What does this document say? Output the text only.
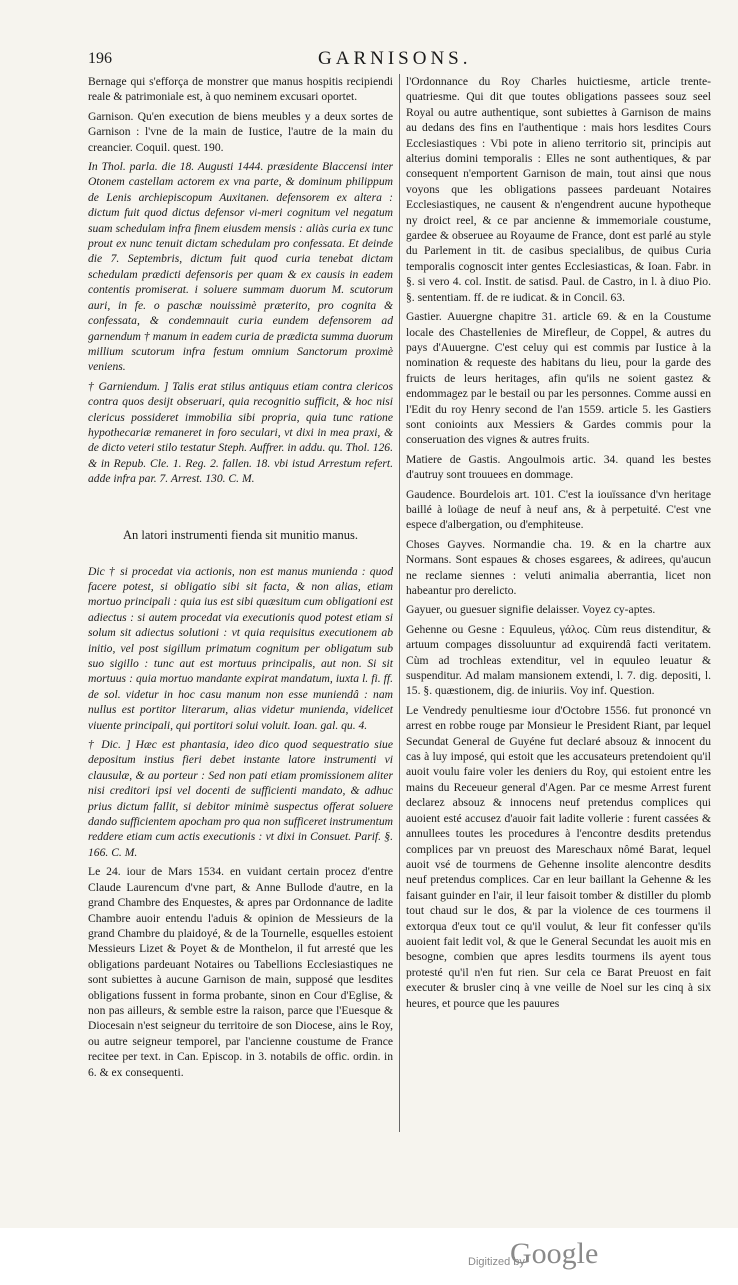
196	GARNISONS.

Bernage qui s'efforça de monstrer que manus hospitis recipiendi reale & patrimoniale est, à quo neminem excusari oportet.

Garnison. Qu'en execution de biens meubles y a deux sortes de Garnison : l'vne de la main de Iustice, l'autre de la main du creancier. Coquil. quest. 190.

In Thol. parla. die 18. Augusti 1444. præsidente Blaccensi inter Otonem castellam actorem ex vna parte, & dominum philippum de Lenis archiepiscopum Auxitanen. defensorem ex altera : dictum fuit quod dictus defensor vi-meri cognitum vel negatum suam schedulam infra finem eiusdem mensis : aliàs curia ex tunc prout ex nunc tenuit dictam schedulam pro confessata. Et deinde die 7. Septembris, dictum fuit quod curia tenebat dictam schedulam prædicti defensoris per quam & ex causis in eadem contentis promiserat. i soluere summam duorum M. scutorum auri, in fe. o paschæ nouissimè præterito, pro cognita & confessata, & condemnauit curia eundem defensorem ad garnendum † manum in eadem curia de prædicta summa duorum millium scutorum infra festum omnium Sanctorum proximè veniens.

† Garniendum. ] Talis erat stilus antiquus etiam contra clericos contra quos desijt obseruari, quia recognitio sufficit, & hoc nisi clericus possideret immobilia sibi propria, quia tunc ratione hypothecariæ remaneret in foro seculari, vt dixi in mea praxi, & de dicto veteri stilo testatur Steph. Auffrer. in addu. qu. Thol. 126. & in Repub. Cle. 1. Reg. 2. fallen. 18. vbi istud Arrestum refert. adde infra par. 7. Arrest. 130. C. M.

An latori instrumenti fienda sit munitio manus.

Dic † si procedat via actionis, non est manus munienda : quod facere potest, si obligatio sibi sit facta, & non alias, etiam mortuo principali : quia ius est sibi quæsitum cum obligationi est adiectus : si autem procedat via executionis quod potest etiam si solum sit adiectus solutioni : vt quia requisitus executionem ab initio, vel post sigillum primatum cognitum per obligatum sub suo sigillo : tunc aut est mortuus principalis, aut non. Si sit mortuus : quia mortuo mandante expirat mandatum, iuxta l. fi. ff. de sol. videtur in hoc casu manum non esse muniendâ : nam nullus est portitor literarum, alias videtur munienda, videlicet viuente principali, qui portitori solui voluit. Ioan. gal. qu. 4.

† Dic. ] Hæc est phantasia, ideo dico quod sequestratio siue depositum instius fieri debet instante latore instrumenti vi clausulæ, & au porteur : Sed non pati etiam promissionem aliter nisi creditori ipsi vel docenti de sufficienti mandato, & adhuc prius dictum fallit, si debitor minimè suspectus offerat soluere dando sufficientem apocham pro qua non sufficeret instrumentum reddere etiam cum actis executionis : vt dixi in Consuet. Parif. §. 166. C. M.

Le 24. iour de Mars 1534. en vuidant certain procez d'entre Claude Laurencum d'vne part, & Anne Bullode d'autre, en la grand Chambre des Enquestes, & apres par Ordonnance de ladite Chambre auoir entendu l'aduis & opinion de Messieurs de la grand Chambre du plaidoyé, & de la Tournelle, esquelles estoient Messieurs Lizet & Poyet & de Monthelon, il fut arresté que les obligations pardeuant Notaires ou Tabellions Ecclesiastiques ne sont subiettes à aucune Garnison de main, supposé que lesdites obligations fussent in forma probante, sinon en Cour d'Eglise, & non pas ailleurs, & semble estre la raison, parce que l'Euesque & Diocesain n'est seigneur du territoire de son Diocese, ains le Roy, ou autre seigneur temporel, par l'ancienne coustume de France recitee per text. in Can. Episcop. in 3. notabils de offic. ordin. in 6. & ex consequenti.

l'Ordonnance du Roy Charles huictiesme, article trente-quatriesme. Qui dit que toutes obligations passees souz seel Royal ou autre authentique, sont subiettes à Garnison de mains au dedans des fins en l'authentique : mais hors lesdites Cours Ecclesiastiques : Vbi pote in alieno territorio sit, principis aut alterius domini temporalis : Elles ne sont authentiques, & par consequent n'emportent Garnison de main, tout ainsi que nous voyons que les obligations passees pardeuant Notaires Ecclesiastiques, ne causent & n'engendrent aucune hypotheque ny droict reel, & ce par ancienne & immemoriale coustume, gardee & obseruee au Royaume de France, dont est parlé au style du Parlement in tit. de casibus specialibus, de quibus Curia temporalis cognoscit inter gentes Ecclesiasticas, & Ioan. Fabr. in §. si vero 4. col. Instit. de satisd. Paul. de Castro, in l. à diuo Pio. §. sententiam. ff. de re iudicat. & in Concil. 63.

Gastier. Auuergne chapitre 31. article 69. & en la Coustume locale des Chastellenies de Mirefleur, de Coppel, & autres du pays d'Auuergne. C'est celuy qui est commis par Iustice à la nomination & requeste des habitans du lieu, pour la garde des fruicts de leurs heritages, afin qu'ils ne soient gastez & endommagez par le bestail ou par les personnes. Comme aussi en l'Edit du roy Henry second de l'an 1559. article 5. les Gastiers sont conioints aux Messiers & Gardes commis pour la conseruation des vignes & autres fruits.

Matiere de Gastis. Angoulmois artic. 34. quand les bestes d'autruy sont trouuees en dommage.

Gaudence. Bourdelois art. 101. C'est la iouïssance d'vn heritage baillé à loüage de neuf à neuf ans, & à perpetuité. C'est vne espece d'albergation, ou d'emphiteuse.

Choses Gayves. Normandie cha. 19. & en la chartre aux Normans. Sont espaues & choses esgarees, & adirees, qu'aucun ne reclame siennes : veluti animalia aberrantia, licet non habeantur pro derelicto.

Gayuer, ou guesuer signifie delaisser. Voyez cy-aptes.

Gehenne ou Gesne : Equuleus, γάλος. Cùm reus distenditur, & artuum compages dissoluuntur ad exquirendâ facti veritatem. Cùm ad trochleas extenditur, vel in equuleo leuatur & suspenditur. Ad malam mansionem extendi, l. 7. dig. depositi, l. 15. §. quæstionem, dig. de iniuriis. Voy inf. Question.

Le Vendredy penultiesme iour d'Octobre 1556. fut prononcé vn arrest en robbe rouge par Monsieur le President Riant, par lequel Secundat General de Guyéne fut declaré absouz & innocent du cas à luy imposé, qui estoit que les accusateurs pretendoient qu'il auoit voulu faire voler les deniers du Roy, qui estoient entre les mains du Receueur general d'Agen. Par ce mesme Arrest furent declarez absouz & innocens neuf pretendus complices qui auoient esté accusez d'auoir fait ladite vollerie : furent cassées & annullees toutes les procedures à l'encontre desdits pretendus complices par vn preuost des Mareschaux nômé Barat, lequel auoit vsé de tourmens de Gehenne insolite alencontre desdits neuf pretendus complices. Car en leur baillant la Gehenne & les faisant guinder en l'air, il leur faisoit tomber & distiller du plomb tout chaud sur le dos, & par la violence de ces tourmens il extorqua d'eux tout ce qu'il voulut, & leur fit confesser qu'ils auoient fait ledit vol, & que le General Secundat les auoit mis en besogne, combien que apres lesdits tourmens ils ayent tous protesté qu'il n'en fut rien. Sur cela ce Barat Preuost en fait executer & brusler cinq à vne veille de Noel sur les cinq à six heures, et pource que les pauures

Digitized by
Google
